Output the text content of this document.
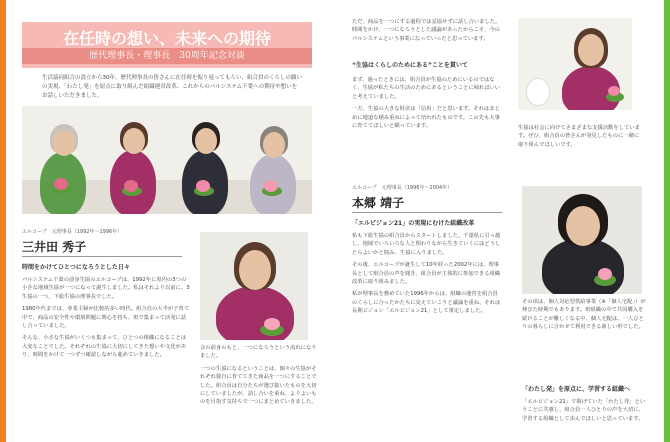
在任時の想い、未来への期待
歴代理事長・理事長　30周年記念対談
生活協同組合の設立から30年。歴代理事長の皆さんに在任時を振り返ってもらい、組合員のくらしの願いの実現、「わたし発」を原点に取り組んだ組織運営改革、これからのパルシステム千葉への期待や想いをお話しいただきました。
エルコープ　元理事長（1992年〜1996年）
三井田 秀子
時間をかけてひとつになろうとした日々

パルシステム千葉の前身生協のエルコープは、1992年に県内の3つの小さな地域生協が一つになって誕生しました。私はそれより以前に、3生協の一つ、下総生協の理事長でした。

1980年代までは、専業主婦が比較的多い時代。組合員の大半が子育て中で、商品の安全性や環境問題に関心を持ち、班で集まって活発に話し合っていました。

そんな、小さな生協がいくつも集まって、ひとつの組織になることは大変なことでした。それぞれの生協に大切にしてきた想いや文化があり、時間をかけて一つずつ確認しながら進めていきました。

会の前身のもと、一つになろうという流れになりました。

一つの生協になるということは、個々の生協がそれぞれ独自に育ててきた商品を一つにすることでした。組合員は自分たちが選び抜いたものを大切にしていましたが、話し合いを重ね、よりよいものを目指す気持ちで一つにまとめていきました。

ただ、商品を一つにする過程では妥協せずに話し合いました。時間をかけ、一つになろうとした議論があったからこそ、今のパルシステムという事業になっていったと思っています。

“生協はくらしのためにある”ことを貫いて

まず、過ったときには、組合員が生協のためにいるのではなく、生協が私たちの生活のためにあるということに帰ればいいと考えていました。

一方、生協の大きな財産は「信用」だと思います。それはまじめに地道な積み重ねによって培われたものです。この先も大事に育ててほしいと願っています。	生協は社会に向けてさまざまな支援活動をしています。ぜひ、組合員の皆さんが発見したものに一緒に取り組んでほしいです。
エルコープ　元理事長（1996年〜2004年）
本郷 靖子
「エルビジョン21」の実現にむけた組織改革

私も下総生協の組合員からスタートしました。千葉県に引っ越し、地域でいろいろな人と関わりながら生きていくにはどうしたらよいかと悩み、生協に入りました。

その後、エルコープが誕生して10年経った2002年には、理事長として組合員の声を聞き、組合員が主体的に参加できる組織改革に取り組みました。

私が理事長を務めていた1996年からは、組織の運営を組合員のくらしに合ったかたちに変えていこうと議論を重ね、それは長期ビジョン「エルビジョン21」として策定しました。

その頃は、個人対応型供給事業（※「個人宅配」）が伸びた時期でもあります。班組織の中で共同購入を続けることが難しくなる中、個人宅配は、一人ひとりの暮らしに合わせて利用できる新しい形でした。
「わたし発」を原点に、学習する組織へ
「エルビジョン21」で掲げていた「わたし発」ということに共感し、組合員一人ひとりの声を大切に、学習する組織として歩んでほしいと思っています。
